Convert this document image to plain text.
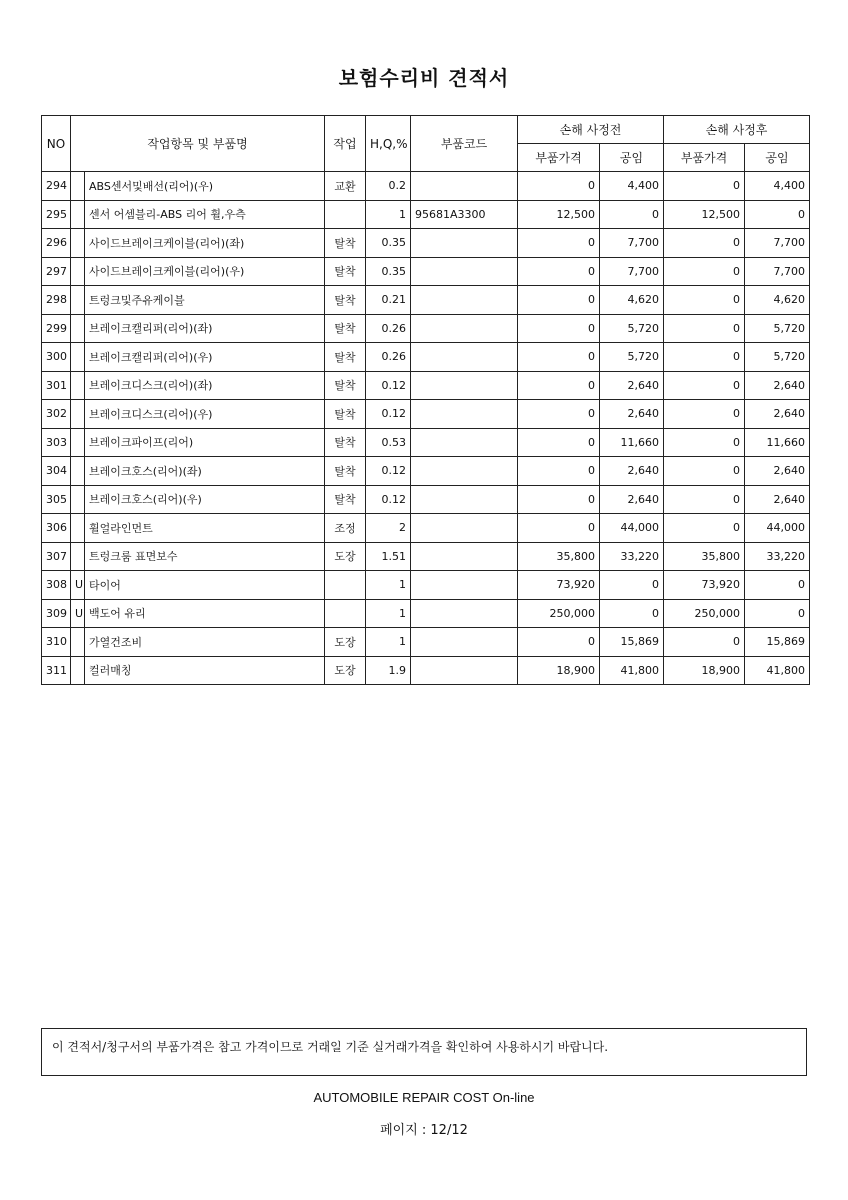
보험수리비 견적서
NO	작업항목 및 부품명		작업	H,Q,%	부품코드	손해 사정전		손해 사정후	
						부품가격	공임	부품가격	공임
294		ABS센서및배선(리어)(우)	교환	0.2		0	4,400	0	4,400
295		센서 어셈블리-ABS 리어 휠,우측		1	95681A3300	12,500	0	12,500	0
296		사이드브레이크케이블(리어)(좌)	탈착	0.35		0	7,700	0	7,700
297		사이드브레이크케이블(리어)(우)	탈착	0.35		0	7,700	0	7,700
298		트렁크및주유케이블	탈착	0.21		0	4,620	0	4,620
299		브레이크캘리퍼(리어)(좌)	탈착	0.26		0	5,720	0	5,720
300		브레이크캘리퍼(리어)(우)	탈착	0.26		0	5,720	0	5,720
301		브레이크디스크(리어)(좌)	탈착	0.12		0	2,640	0	2,640
302		브레이크디스크(리어)(우)	탈착	0.12		0	2,640	0	2,640
303		브레이크파이프(리어)	탈착	0.53		0	11,660	0	11,660
304		브레이크호스(리어)(좌)	탈착	0.12		0	2,640	0	2,640
305		브레이크호스(리어)(우)	탈착	0.12		0	2,640	0	2,640
306		휠얼라인먼트	조정	2		0	44,000	0	44,000
307		트렁크룸 표면보수	도장	1.51		35,800	33,220	35,800	33,220
308	U	타이어		1		73,920	0	73,920	0
309	U	백도어 유리		1		250,000	0	250,000	0
310		가열건조비	도장	1		0	15,869	0	15,869
311		컬러매칭	도장	1.9		18,900	41,800	18,900	41,800
이 견적서/청구서의 부품가격은 참고 가격이므로 거래일 기준 실거래가격을 확인하여 사용하시기 바랍니다.
AUTOMOBILE REPAIR COST On-line
페이지 : 12/12
